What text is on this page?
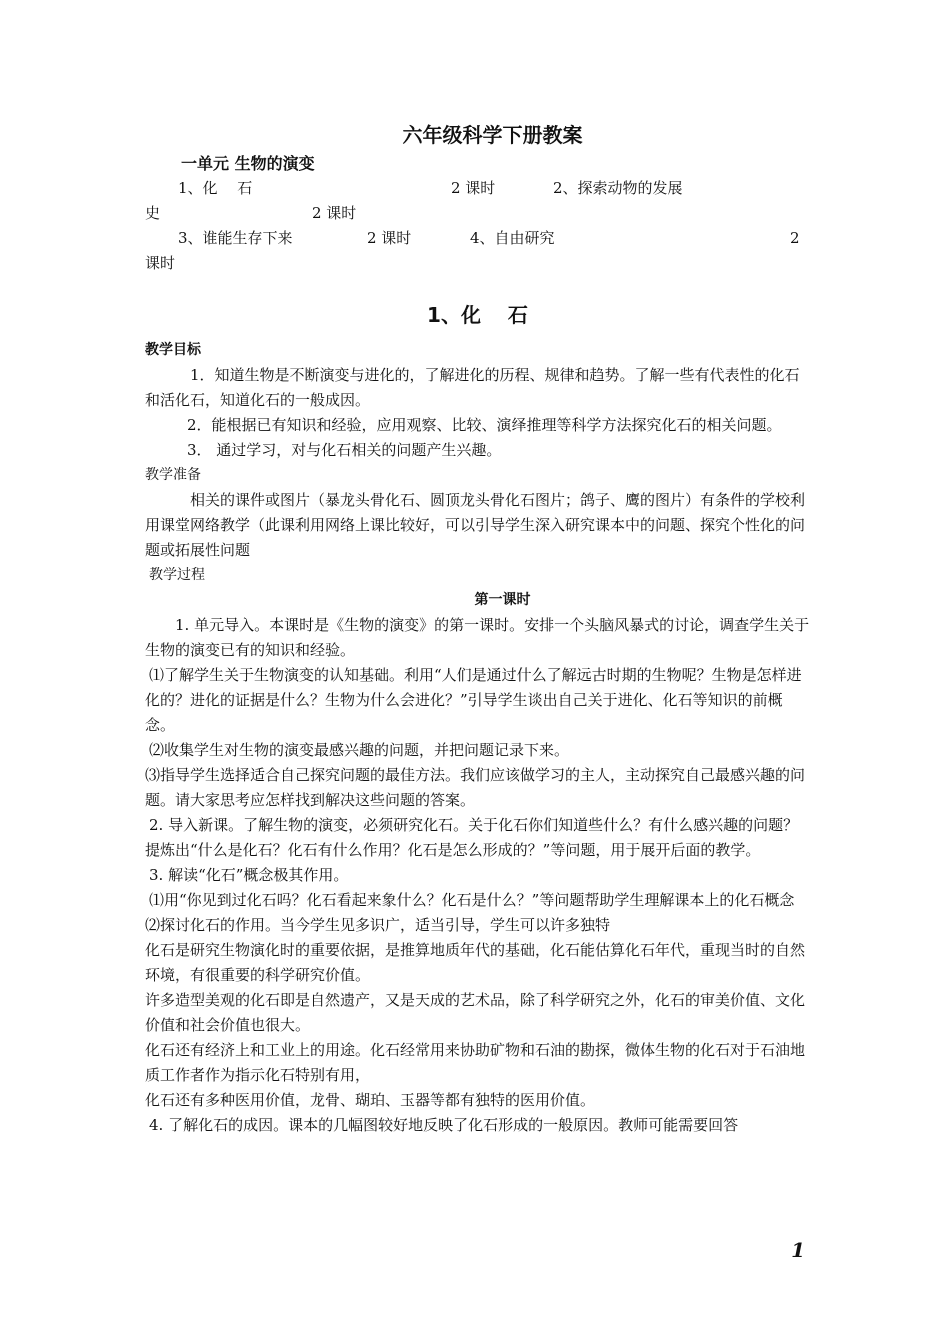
六年级科学下册教案
一单元 生物的演变
1、化　 石	2 课时	2、探索动物的发展
史	2 课时
3、谁能生存下来	2 课时	4、自由研究	2
课时
1、化　 石

教学目标

1．知道生物是不断演变与进化的，了解进化的历程、规律和趋势。了解一些有代表性的化石和活化石，知道化石的一般成因。

2．能根据已有知识和经验，应用观察、比较、演绎推理等科学方法探究化石的相关问题。

3． 通过学习，对与化石相关的问题产生兴趣。

教学准备

相关的课件或图片（暴龙头骨化石、圆顶龙头骨化石图片；鸽子、鹰的图片）有条件的学校利用课堂网络教学（此课利用网络上课比较好，可以引导学生深入研究课本中的问题、探究个性化的问题或拓展性问题

教学过程

第一课时

1. 单元导入。本课时是《生物的演变》的第一课时。安排一个头脑风暴式的讨论，调查学生关于生物的演变已有的知识和经验。

⑴了解学生关于生物演变的认知基础。利用“人们是通过什么了解远古时期的生物呢？生物是怎样进化的？进化的证据是什么？生物为什么会进化？”引导学生谈出自己关于进化、化石等知识的前概念。

⑵收集学生对生物的演变最感兴趣的问题，并把问题记录下来。

⑶指导学生选择适合自己探究问题的最佳方法。我们应该做学习的主人，主动探究自己最感兴趣的问题。请大家思考应怎样找到解决这些问题的答案。

2. 导入新课。了解生物的演变，必须研究化石。关于化石你们知道些什么？有什么感兴趣的问题？提炼出“什么是化石？化石有什么作用？化石是怎么形成的？”等问题，用于展开后面的教学。

3. 解读“化石”概念极其作用。

⑴用“你见到过化石吗？化石看起来象什么？化石是什么？”等问题帮助学生理解课本上的化石概念

⑵探讨化石的作用。当今学生见多识广，适当引导，学生可以许多独特

化石是研究生物演化时的重要依据，是推算地质年代的基础，化石能估算化石年代，重现当时的自然环境，有很重要的科学研究价值。

许多造型美观的化石即是自然遗产，又是天成的艺术品，除了科学研究之外，化石的审美价值、文化价值和社会价值也很大。

化石还有经济上和工业上的用途。化石经常用来协助矿物和石油的勘探，微体生物的化石对于石油地质工作者作为指示化石特别有用，

化石还有多种医用价值，龙骨、瑚珀、玉器等都有独特的医用价值。

4. 了解化石的成因。课本的几幅图较好地反映了化石形成的一般原因。教师可能需要回答

1
